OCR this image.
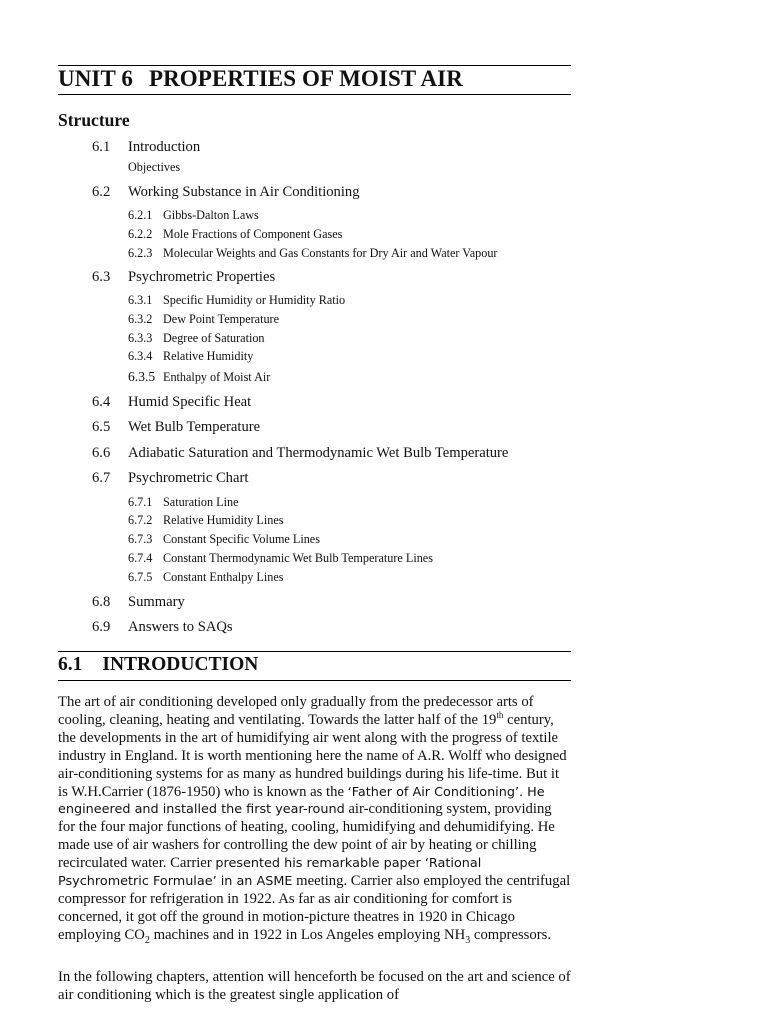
UNIT 6 PROPERTIES OF MOIST AIR
Structure
6.1 Introduction
Objectives
6.2 Working Substance in Air Conditioning
6.2.1 Gibbs-Dalton Laws
6.2.2 Mole Fractions of Component Gases
6.2.3 Molecular Weights and Gas Constants for Dry Air and Water Vapour
6.3 Psychrometric Properties
6.3.1 Specific Humidity or Humidity Ratio
6.3.2 Dew Point Temperature
6.3.3 Degree of Saturation
6.3.4 Relative Humidity
6.3.5 Enthalpy of Moist Air
6.4 Humid Specific Heat
6.5 Wet Bulb Temperature
6.6 Adiabatic Saturation and Thermodynamic Wet Bulb Temperature
6.7 Psychrometric Chart
6.7.1 Saturation Line
6.7.2 Relative Humidity Lines
6.7.3 Constant Specific Volume Lines
6.7.4 Constant Thermodynamic Wet Bulb Temperature Lines
6.7.5 Constant Enthalpy Lines
6.8 Summary
6.9 Answers to SAQs
6.1 INTRODUCTION

The art of air conditioning developed only gradually from the predecessor arts of cooling, cleaning, heating and ventilating. Towards the latter half of the 19th century, the developments in the art of humidifying air went along with the progress of textile industry in England. It is worth mentioning here the name of A.R. Wolff who designed air-conditioning systems for as many as hundred buildings during his life-time. But it is W.H.Carrier (1876-1950) who is known as the ‘Father of Air Conditioning’. He engineered and installed the first year-round air-conditioning system, providing for the four major functions of heating, cooling, humidifying and dehumidifying. He made use of air washers for controlling the dew point of air by heating or chilling recirculated water. Carrier presented his remarkable paper ‘Rational Psychrometric Formulae’ in an ASME meeting. Carrier also employed the centrifugal compressor for refrigeration in 1922. As far as air conditioning for comfort is concerned, it got off the ground in motion-picture theatres in 1920 in Chicago employing $CO_2$ machines and in 1922 in Los Angeles employing $NH_3$ compressors.

In the following chapters, attention will henceforth be focused on the art and science of air conditioning which is the greatest single application of
